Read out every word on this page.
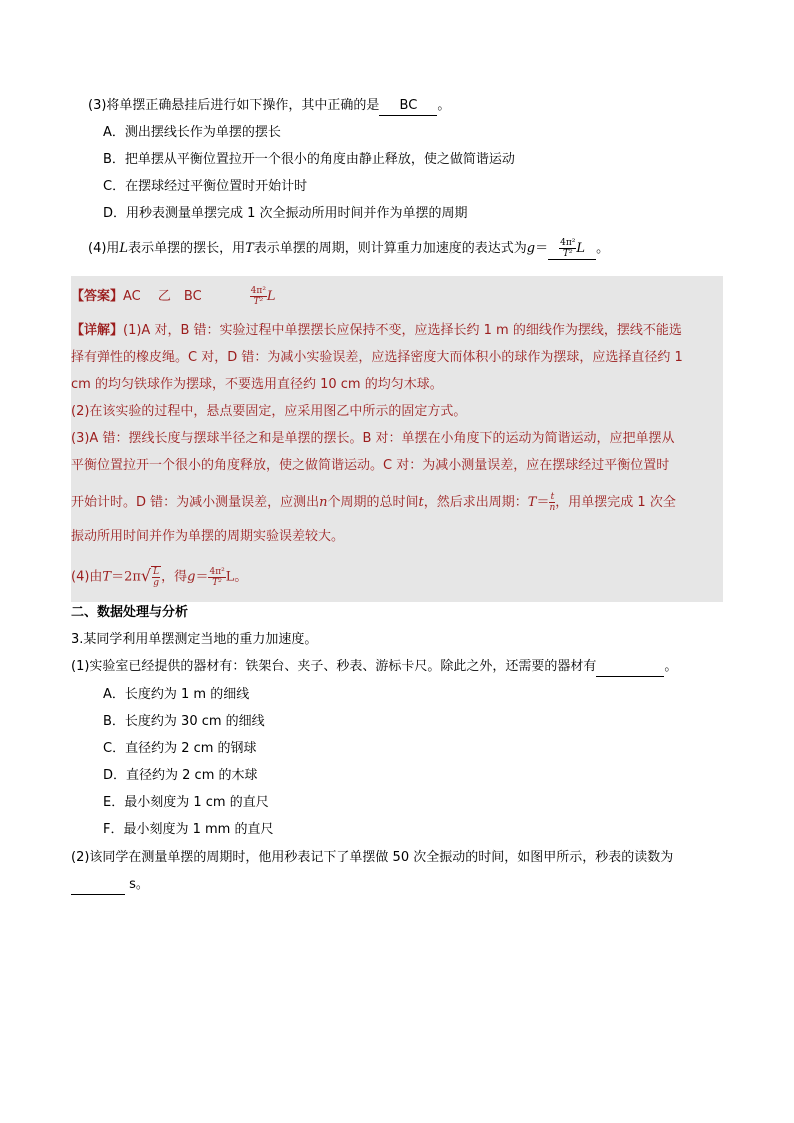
(3)将单摆正确悬挂后进行如下操作，其中正确的是 BC 。
A．测出摆线长作为单摆的摆长
B．把单摆从平衡位置拉开一个很小的角度由静止释放，使之做简谐运动
C．在摆球经过平衡位置时开始计时
D．用秒表测量单摆完成 1 次全振动所用时间并作为单摆的周期
(4)用L表示单摆的摆长，用T表示单摆的周期，则计算重力加速度的表达式为$g= \frac{\text{4π²}}{\text{T²}}$ L 。
【答案】AC　 乙　BC	$\frac{\text{4π²}}{\text{T²}}$ L
【详解】(1)A 对，B 错：实验过程中单摆摆长应保持不变，应选择长约 1 m 的细线作为摆线，摆线不能选
择有弹性的橡皮绳。C 对，D 错：为减小实验误差，应选择密度大而体积小的球作为摆球，应选择直径约 1
cm 的均匀铁球作为摆球，不要选用直径约 10 cm 的均匀木球。
(2)在该实验的过程中，悬点要固定，应采用图乙中所示的固定方式。
(3)A 错：摆线长度与摆球半径之和是单摆的摆长。B 对：单摆在小角度下的运动为简谐运动，应把单摆从
平衡位置拉开一个很小的角度释放，使之做简谐运动。C 对：为减小测量误差，应在摆球经过平衡位置时
开始计时。D 错：为减小测量误差，应测出n个周期的总时间t，然后求出周期：$T= \frac{t}{n}$ ，用单摆完成 1 次全
振动所用时间并作为单摆的周期实验误差较大。
(4)由$T=2\pi√ \frac{L}{g}$ ，得$g= \frac{\text{4π²}}{\text{T²}}$ L。
二、数据处理与分析
3.某同学利用单摆测定当地的重力加速度。
(1)实验室已经提供的器材有：铁架台、夹子、秒表、游标卡尺。除此之外，还需要的器材有	。
A．长度约为 1 m 的细线
B．长度约为 30 cm 的细线
C．直径约为 2 cm 的钢球
D．直径约为 2 cm 的木球
E．最小刻度为 1 cm 的直尺
F．最小刻度为 1 mm 的直尺
(2)该同学在测量单摆的周期时，他用秒表记下了单摆做 50 次全振动的时间，如图甲所示，秒表的读数为
s。
